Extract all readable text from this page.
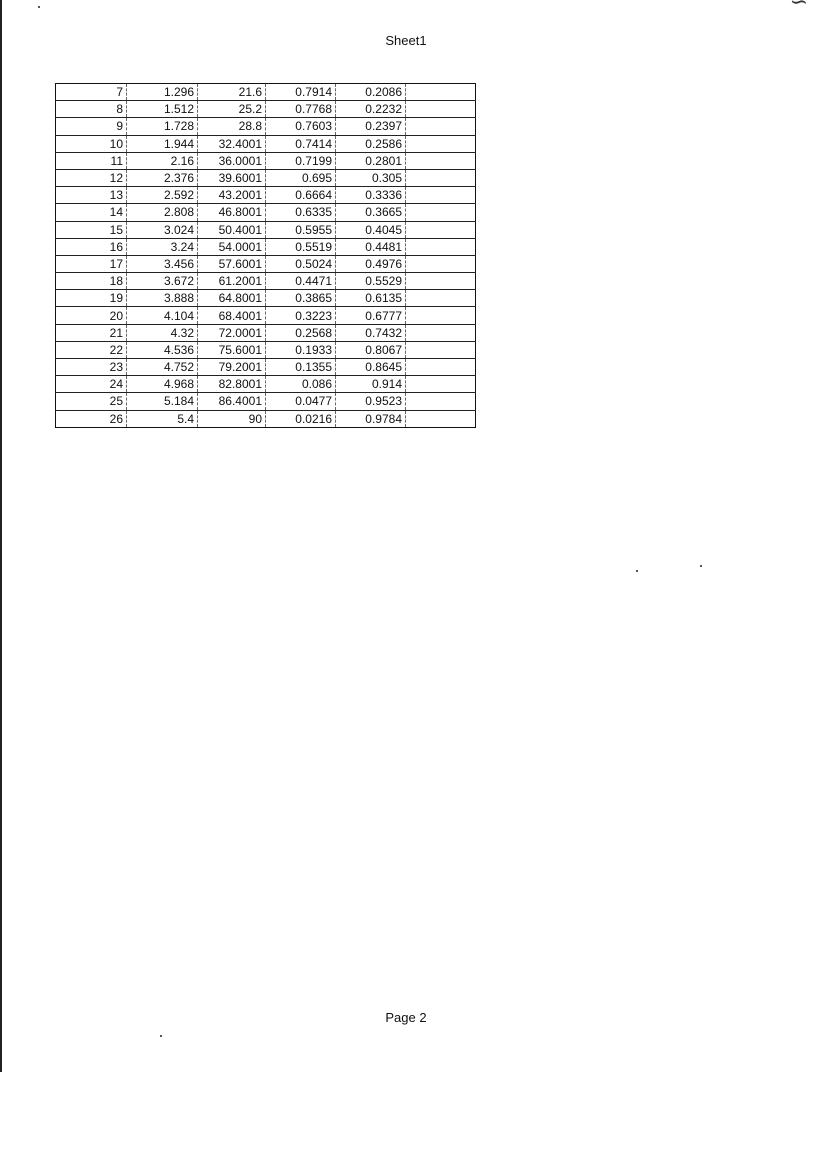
∽
Sheet1
7	1.296	21.6	0.7914	0.2086	
8	1.512	25.2	0.7768	0.2232	
9	1.728	28.8	0.7603	0.2397	
10	1.944	32.4001	0.7414	0.2586	
11	2.16	36.0001	0.7199	0.2801	
12	2.376	39.6001	0.695	0.305	
13	2.592	43.2001	0.6664	0.3336	
14	2.808	46.8001	0.6335	0.3665	
15	3.024	50.4001	0.5955	0.4045	
16	3.24	54.0001	0.5519	0.4481	
17	3.456	57.6001	0.5024	0.4976	
18	3.672	61.2001	0.4471	0.5529	
19	3.888	64.8001	0.3865	0.6135	
20	4.104	68.4001	0.3223	0.6777	
21	4.32	72.0001	0.2568	0.7432	
22	4.536	75.6001	0.1933	0.8067	
23	4.752	79.2001	0.1355	0.8645	
24	4.968	82.8001	0.086	0.914	
25	5.184	86.4001	0.0477	0.9523	
26	5.4	90	0.0216	0.9784	
Page 2
